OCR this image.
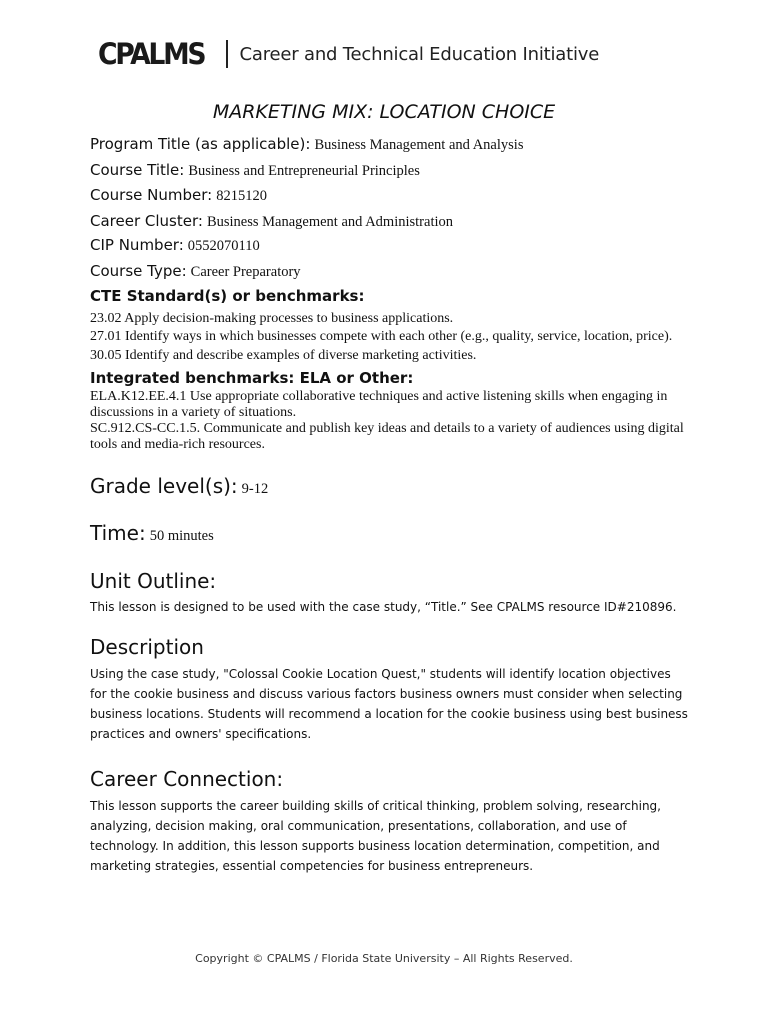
CPALMS Career and Technical Education Initiative
MARKETING MIX: LOCATION CHOICE
Program Title (as applicable): Business Management and Analysis
Course Title: Business and Entrepreneurial Principles
Course Number: 8215120
Career Cluster: Business Management and Administration
CIP Number: 0552070110
Course Type: Career Preparatory
CTE Standard(s) or benchmarks:
23.02 Apply decision-making processes to business applications.
27.01 Identify ways in which businesses compete with each other (e.g., quality, service, location, price).
30.05 Identify and describe examples of diverse marketing activities.
Integrated benchmarks: ELA or Other:
ELA.K12.EE.4.1 Use appropriate collaborative techniques and active listening skills when engaging in discussions in a variety of situations.
SC.912.CS-CC.1.5. Communicate and publish key ideas and details to a variety of audiences using digital tools and media-rich resources.
Grade level(s): 9-12
Time: 50 minutes
Unit Outline:
This lesson is designed to be used with the case study, “Title.” See CPALMS resource ID#210896.
Description
Using the case study, "Colossal Cookie Location Quest," students will identify location objectives for the cookie business and discuss various factors business owners must consider when selecting business locations. Students will recommend a location for the cookie business using best business practices and owners' specifications.
Career Connection:
This lesson supports the career building skills of critical thinking, problem solving, researching, analyzing, decision making, oral communication, presentations, collaboration, and use of technology. In addition, this lesson supports business location determination, competition, and marketing strategies, essential competencies for business entrepreneurs.
Copyright © CPALMS / Florida State University – All Rights Reserved.
